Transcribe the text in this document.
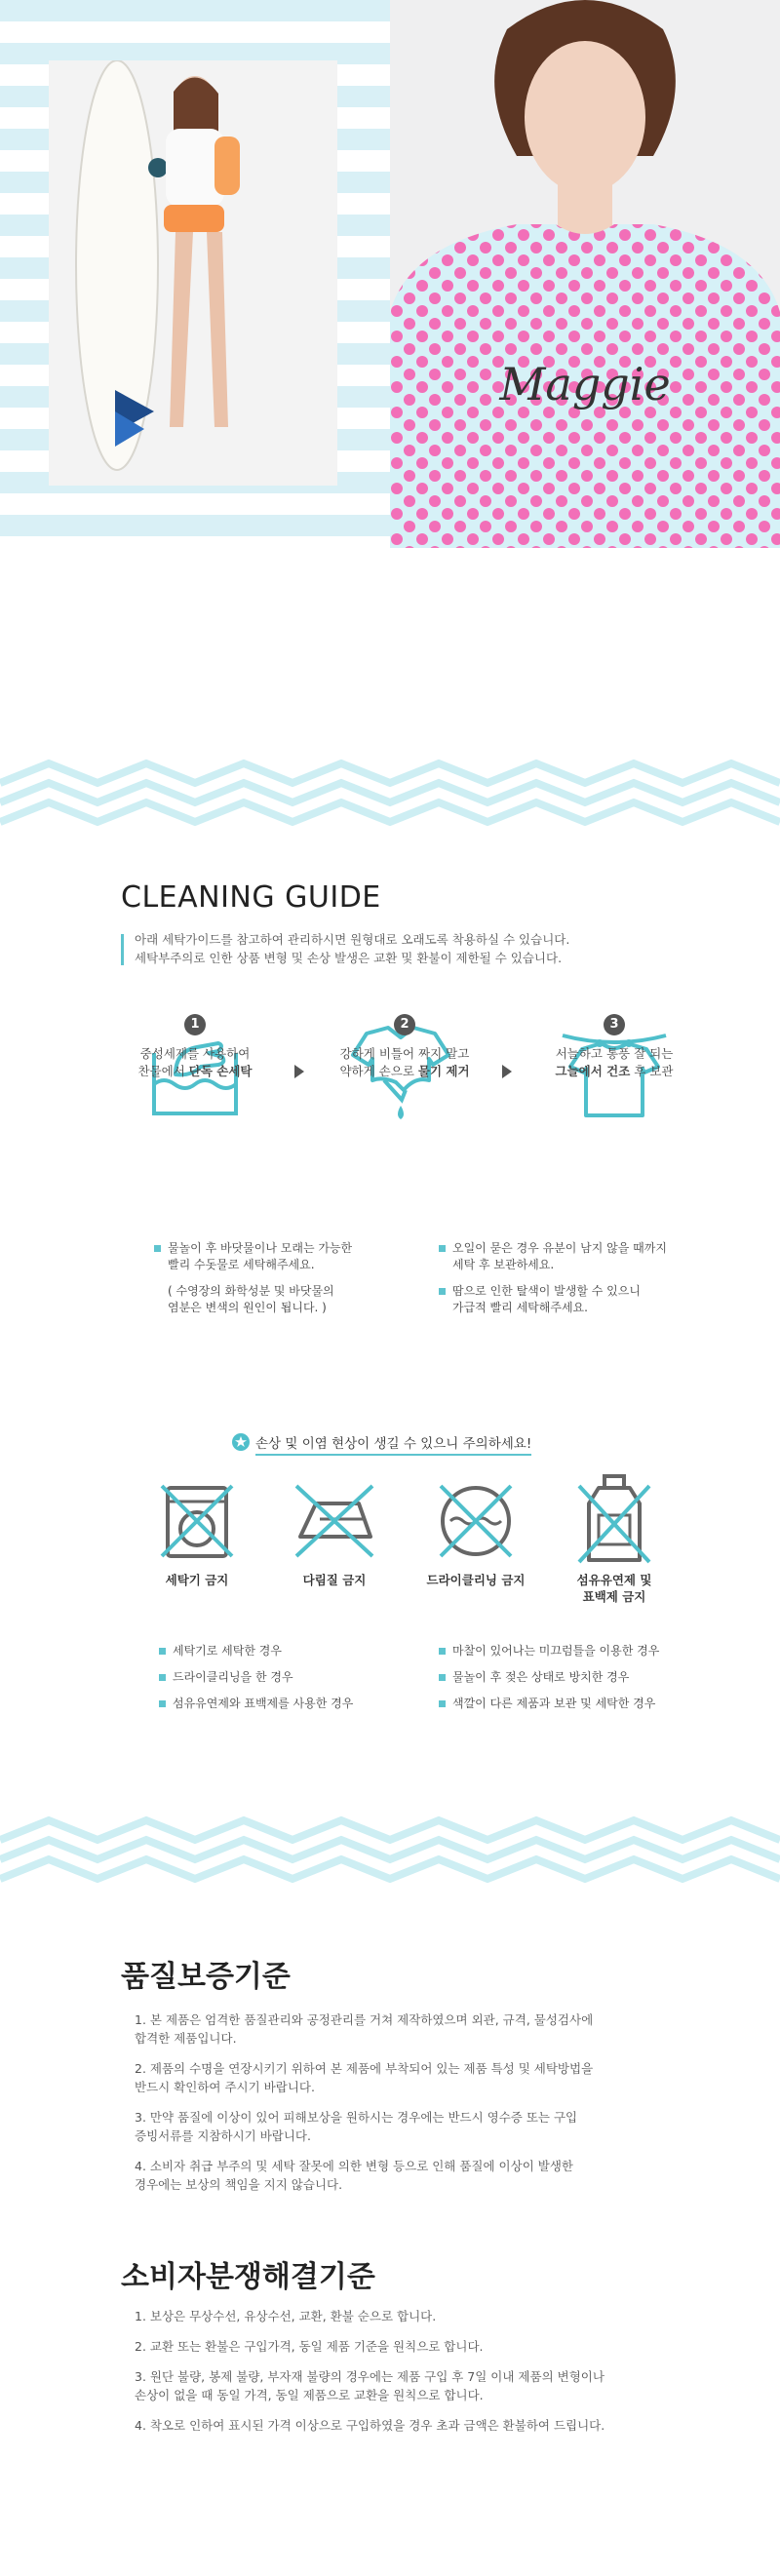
Maggie
CLEANING GUIDE
아래 세탁가이드를 참고하여 관리하시면 원형대로 오래도록 착용하실 수 있습니다.
세탁부주의로 인한 상품 변형 및 손상 발생은 교환 및 환불이 제한될 수 있습니다.
1
중성세제를 사용하여
찬물에서 단독 손세탁
2
강하게 비틀어 짜지 말고
약하게 손으로 물기 제거
3
서늘하고 통풍 잘 되는
그늘에서 건조 후 보관
물놀이 후 바닷물이나 모래는 가능한
빨리 수돗물로 세탁해주세요.
( 수영장의 화학성분 및 바닷물의
염분은 변색의 원인이 됩니다. )
오일이 묻은 경우 유분이 남지 않을 때까지
세탁 후 보관하세요.
땀으로 인한 탈색이 발생할 수 있으니
가급적 빨리 세탁해주세요.
손상 및 이염 현상이 생길 수 있으니 주의하세요!
세탁기 금지	다림질 금지	드라이클리닝 금지	섬유유연제 및
표백제 금지
세탁기로 세탁한 경우
드라이클리닝을 한 경우
섬유유연제와 표백제를 사용한 경우
마찰이 있어나는 미끄럼틀을 이용한 경우
물놀이 후 젖은 상태로 방치한 경우
색깔이 다른 제품과 보관 및 세탁한 경우
품질보증기준

1. 본 제품은 엄격한 품질관리와 공정관리를 거쳐 제작하였으며 외관, 규격, 물성검사에
합격한 제품입니다.

2. 제품의 수명을 연장시키기 위하여 본 제품에 부착되어 있는 제품 특성 및 세탁방법을
반드시 확인하여 주시기 바랍니다.

3. 만약 품질에 이상이 있어 피해보상을 원하시는 경우에는 반드시 영수증 또는 구입
증빙서류를 지참하시기 바랍니다.

4. 소비자 취급 부주의 및 세탁 잘못에 의한 변형 등으로 인해 품질에 이상이 발생한
경우에는 보상의 책임을 지지 않습니다.

소비자분쟁해결기준

1. 보상은 무상수선, 유상수선, 교환, 환불 순으로 합니다.

2. 교환 또는 환불은 구입가격, 동일 제품 기준을 원칙으로 합니다.

3. 원단 불량, 봉제 불량, 부자재 불량의 경우에는 제품 구입 후 7일 이내 제품의 변형이나
손상이 없을 때 동일 가격, 동일 제품으로 교환을 원칙으로 합니다.

4. 착오로 인하여 표시된 가격 이상으로 구입하였을 경우 초과 금액은 환불하여 드립니다.
